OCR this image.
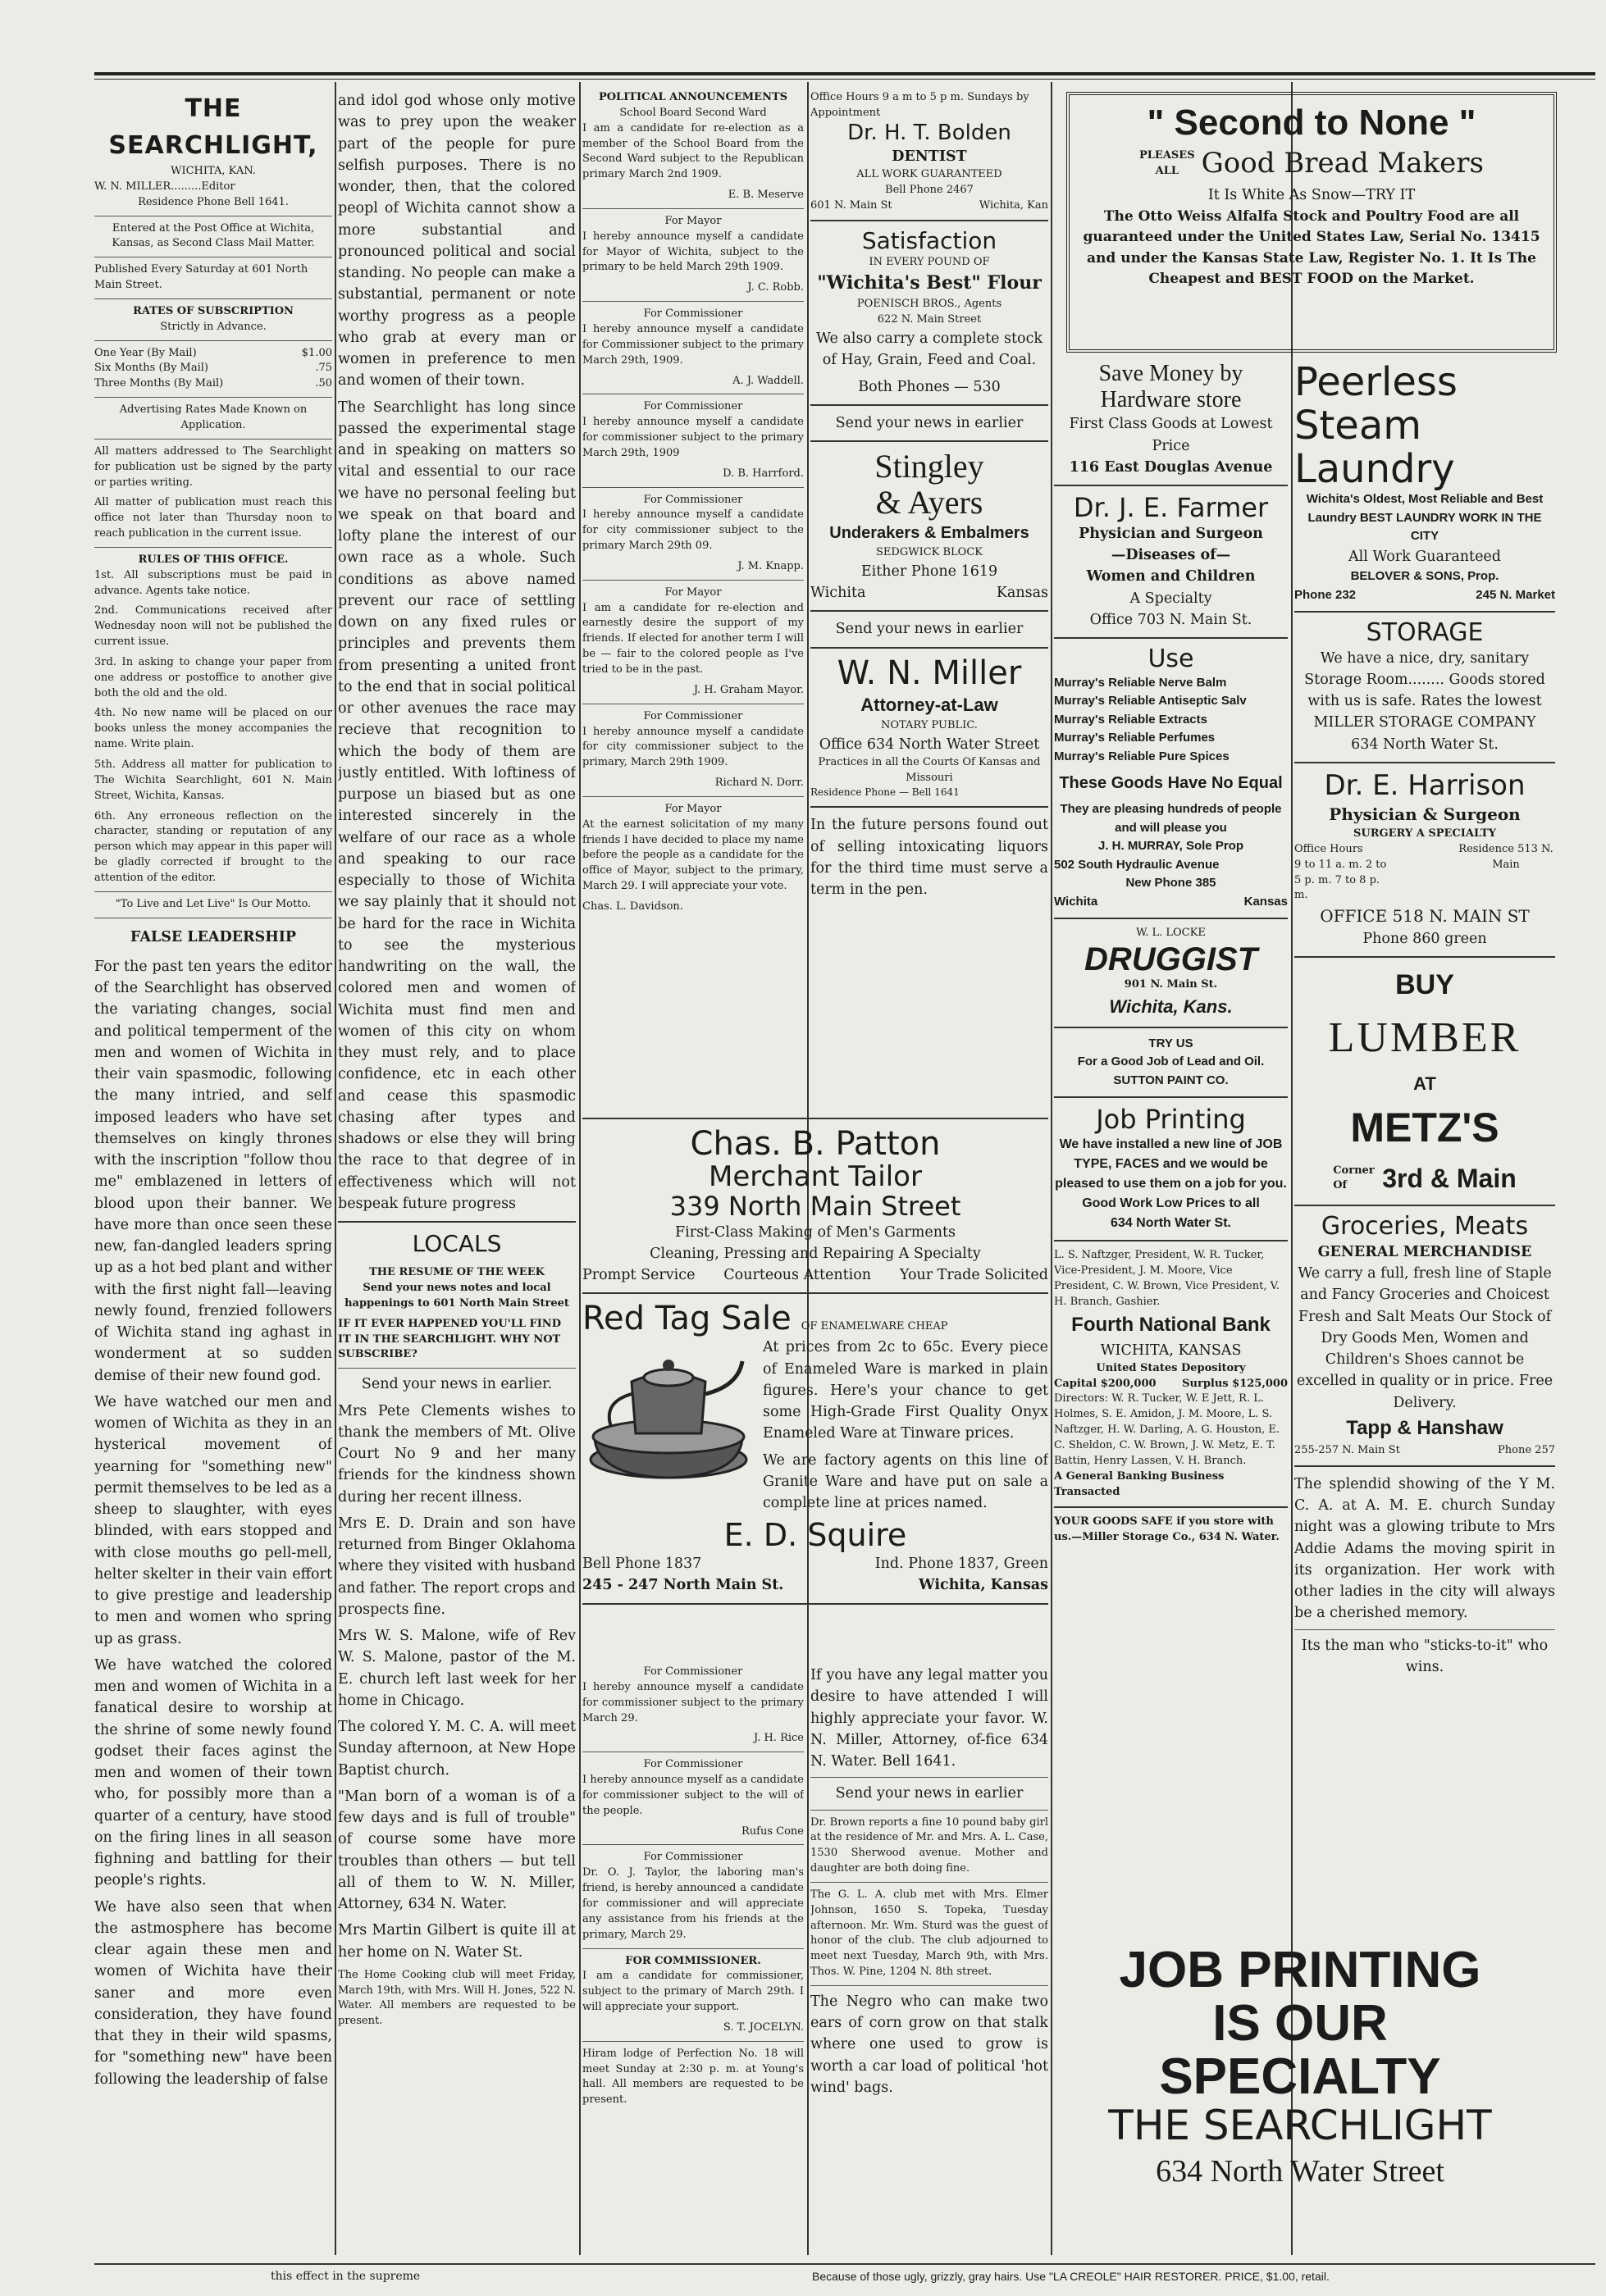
THE SEARCHLIGHT,
WICHITA, KAN.
W. N. MILLER.........Editor
Residence Phone Bell 1641.
Entered at the Post Office at Wichita, Kansas, as Second Class Mail Matter.
Published Every Saturday at 601 North Main Street.
RATES OF SUBSCRIPTION
Strictly in Advance.
One Year (By Mail)	$1.00
Six Months (By Mail)	.75
Three Months (By Mail)	.50
Advertising Rates Made Known on Application.

All matters addressed to The Searchlight for publication ust be signed by the party or parties writing.

All matter of publication must reach this office not later than Thursday noon to reach publication in the current issue.

RULES OF THIS OFFICE.

1st. All subscriptions must be paid in advance. Agents take notice.

2nd. Communications received after Wednesday noon will not be published the current issue.

3rd. In asking to change your paper from one address or postoffice to another give both the old and the old.

4th. No new name will be placed on our books unless the money accompanies the name. Write plain.

5th. Address all matter for publication to The Wichita Searchlight, 601 N. Main Street, Wichita, Kansas.

6th. Any erroneous reflection on the character, standing or reputation of any person which may appear in this paper will be gladly corrected if brought to the attention of the editor.

"To Live and Let Live" Is Our Motto.
FALSE LEADERSHIP

For the past ten years the editor of the Searchlight has observed the variating changes, social and political temperment of the men and women of Wichita in their vain spasmodic, following the many intried, and self imposed leaders who have set themselves on kingly thrones with the inscription "follow thou me" emblazened in letters of blood upon their banner. We have more than once seen these new, fan-dangled leaders spring up as a hot bed plant and wither with the first night fall—leaving newly found, frenzied followers of Wichita stand ing aghast in wonderment at so sudden demise of their new found god.

We have watched our men and women of Wichita as they in an hysterical movement of yearning for "something new" permit themselves to be led as a sheep to slaughter, with eyes blinded, with ears stopped and with close mouths go pell-mell, helter skelter in their vain effort to give prestige and leadership to men and women who spring up as grass.

We have watched the colored men and women of Wichita in a fanatical desire to worship at the shrine of some newly found godset their faces aginst the men and women of their town who, for possibly more than a quarter of a century, have stood on the firing lines in all season fighning and battling for their people's rights.

We have also seen that when the astmosphere has become clear again these men and women of Wichita have their saner and more even consideration, they have found that they in their wild spasms, for "something new" have been following the leadership of false

and idol god whose only motive was to prey upon the weaker part of the people for pure selfish purposes. There is no wonder, then, that the colored peopl of Wichita cannot show a more substantial and pronounced political and social standing. No people can make a substantial, permanent or note worthy progress as a people who grab at every man or women in preference to men and women of their town.

The Searchlight has long since passed the experimental stage and in speaking on matters so vital and essential to our race we have no personal feeling but we speak on that board and lofty plane the interest of our own race as a whole. Such conditions as above named prevent our race of settling down on any fixed rules or principles and prevents them from presenting a united front to the end that in social political or other avenues the race may recieve that recognition to which the body of them are justly entitled. With loftiness of purpose un biased but as one interested sincerely in the welfare of our race as a whole and speaking to our race especially to those of Wichita we say plainly that it should not be hard for the race in Wichita to see the mysterious handwriting on the wall, the colored men and women of Wichita must find men and women of this city on whom they must rely, and to place confidence, etc in each other and cease this spasmodic chasing after types and shadows or else they will bring the race to that degree of in effectiveness which will not bespeak future progress

LOCALS
THE RESUME OF THE WEEK
Send your news notes and local happenings to 601 North Main Street
IF IT EVER HAPPENED YOU'LL FIND IT IN THE SEARCHLIGHT. WHY NOT SUBSCRIBE?

Send your news in earlier.

Mrs Pete Clements wishes to thank the members of Mt. Olive Court No 9 and her many friends for the kindness shown during her recent illness.

Mrs E. D. Drain and son have returned from Binger Oklahoma where they visited with husband and father. The report crops and prospects fine.

Mrs W. S. Malone, wife of Rev W. S. Malone, pastor of the M. E. church left last week for her home in Chicago.

The colored Y. M. C. A. will meet Sunday afternoon, at New Hope Baptist church.

"Man born of a woman is of a few days and is full of trouble" of course some have more troubles than others — but tell all of them to W. N. Miller, Attorney, 634 N. Water.

Mrs Martin Gilbert is quite ill at her home on N. Water St.

The Home Cooking club will meet Friday, March 19th, with Mrs. Will H. Jones, 522 N. Water. All members are requested to be present.

POLITICAL ANNOUNCEMENTS
School Board Second Ward

I am a candidate for re-election as a member of the School Board from the Second Ward subject to the Republican primary March 2nd 1909.

E. B. Meserve
For Mayor

I hereby announce myself a candidate for Mayor of Wichita, subject to the primary to be held March 29th 1909.

J. C. Robb.
For Commissioner

I hereby announce myself a candidate for Commissioner subject to the primary March 29th, 1909.

A. J. Waddell.
For Commissioner

I hereby announce myself a candidate for commissioner subject to the primary March 29th, 1909

D. B. Harrford.
For Commissioner

I hereby announce myself a candidate for city commissioner subject to the primary March 29th 09.

J. M. Knapp.
For Mayor

I am a candidate for re-election and earnestly desire the support of my friends. If elected for another term I will be — fair to the colored people as I've tried to be in the past.

J. H. Graham Mayor.
For Commissioner

I hereby announce myself a candidate for city commissioner subject to the primary, March 29th 1909.

Richard N. Dorr.
For Mayor

At the earnest solicitation of my many friends I have decided to place my name before the people as a candidate for the office of Mayor, subject to the primary, March 29. I will appreciate your vote.

Chas. L. Davidson.
For Commissioner

I hereby announce myself a candidate for commissioner subject to the primary March 29.

J. H. Rice
For Commissioner

I hereby announce myself as a candidate for commissioner subject to the will of the people.

Rufus Cone
For Commissioner

Dr. O. J. Taylor, the laboring man's friend, is hereby announced a candidate for commissioner and will appreciate any assistance from his friends at the primary, March 29.

FOR COMMISSIONER.

I am a candidate for commissioner, subject to the primary of March 29th. I will appreciate your support.

S. T. JOCELYN.

Hiram lodge of Perfection No. 18 will meet Sunday at 2:30 p. m. at Young's hall. All members are requested to be present.

Office Hours 9 a m to 5 p m. Sundays by Appointment
Dr. H. T. Bolden
DENTIST
ALL WORK GUARANTEED
Bell Phone 2467
601 N. Main St	Wichita, Kan
Satisfaction
IN EVERY POUND OF
"Wichita's Best" Flour
POENISCH BROS., Agents
622 N. Main Street

We also carry a complete stock of Hay, Grain, Feed and Coal.

Both Phones — 530
Send your news in earlier
Stingley
& Ayers
Underakers & Embalmers
SEDGWICK BLOCK
Either Phone 1619
Wichita	Kansas
Send your news in earlier
W. N. Miller
Attorney-at-Law
NOTARY PUBLIC.
Office 634 North Water Street
Practices in all the Courts Of Kansas and Missouri
Residence Phone — Bell 1641

In the future persons found out of selling intoxicating liquors for the third time must serve a term in the pen.

Chas. B. Patton
Merchant Tailor
339 North Main Street
First-Class Making of Men's Garments
Cleaning, Pressing and Repairing A Specialty
Prompt Service Courteous Attention Your Trade Solicited
Red Tag Sale OF ENAMELWARE CHEAP

At prices from 2c to 65c. Every piece of Enameled Ware is marked in plain figures. Here's your chance to get some High-Grade First Quality Onyx Enameled Ware at Tinware prices.

We are factory agents on this line of Granite Ware and have put on sale a complete line at prices named.

E. D. Squire
Bell Phone 1837	Ind. Phone 1837, Green
245 - 247 North Main St.	Wichita, Kansas

If you have any legal matter you desire to have attended I will highly appreciate your favor. W. N. Miller, Attorney, of-fice 634 N. Water. Bell 1641.

Send your news in earlier

Dr. Brown reports a fine 10 pound baby girl at the residence of Mr. and Mrs. A. L. Case, 1530 Sherwood avenue. Mother and daughter are both doing fine.

The G. L. A. club met with Mrs. Elmer Johnson, 1650 S. Topeka, Tuesday afternoon. Mr. Wm. Sturd was the guest of honor of the club. The club adjourned to meet next Tuesday, March 9th, with Mrs. Thos. W. Pine, 1204 N. 8th street.

The Negro who can make two ears of corn grow on that stalk where one used to grow is worth a car load of political 'hot wind' bags.

" Second to None "
PLEASES
ALL Good Bread Makers
It Is White As Snow—TRY IT
The Otto Weiss Alfalfa Stock and Poultry Food are all guaranteed under the United States Law, Serial No. 13415 and under the Kansas State Law, Register No. 1. It Is The Cheapest and BEST FOOD on the Market.
Save Money by
Hardware store
First Class Goods at Lowest Price
116 East Douglas Avenue
Dr. J. E. Farmer
Physician and Surgeon
—Diseases of—
Women and Children
A Specialty
Office 703 N. Main St.
Use
Murray's Reliable Nerve Balm
Murray's Reliable Antiseptic Salv
Murray's Reliable Extracts
Murray's Reliable Perfumes
Murray's Reliable Pure Spices
These Goods Have No Equal
They are pleasing hundreds of people and will please you
J. H. MURRAY, Sole Prop
502 South Hydraulic Avenue
New Phone 385
Wichita	Kansas
W. L. LOCKE
DRUGGIST
901 N. Main St.
Wichita, Kans.
TRY US
For a Good Job of Lead and Oil.
SUTTON PAINT CO.
Job Printing
We have installed a new line of JOB TYPE, FACES and we would be pleased to use them on a job for you.
Good Work Low Prices to all
634 North Water St.
L. S. Naftzger, President, W. R. Tucker, Vice-President, J. M. Moore, Vice President, C. W. Brown, Vice President, V. H. Branch, Gashier.
Fourth National Bank
WICHITA, KANSAS
United States Depository
Capital $200,000 Surplus $125,000
Directors: W. R. Tucker, W. E Jett, R. L. Holmes, S. E. Amidon, J. M. Moore, L. S. Naftzger, H. W. Darling, A. G. Houston, E. C. Sheldon, C. W. Brown, J. W. Metz, E. T. Battin, Henry Lassen, V. H. Branch.
A General Banking Business Transacted
YOUR GOODS SAFE if you store with us.—Miller Storage Co., 634 N. Water.
Peerless
Steam
Laundry
Wichita's Oldest, Most Reliable and Best Laundry BEST LAUNDRY WORK IN THE CITY
All Work Guaranteed
BELOVER & SONS, Prop.
Phone 232	245 N. Market
STORAGE
We have a nice, dry, sanitary Storage Room........ Goods stored with us is safe. Rates the lowest
MILLER STORAGE COMPANY
634 North Water St.
Dr. E. Harrison
Physician & Surgeon
SURGERY A SPECIALTY
Office Hours
9 to 11 a. m. 2 to 5 p. m. 7 to 8 p. m.
Residence 513 N. Main
OFFICE 518 N. MAIN ST
Phone 860 green
BUY
LUMBER
AT
METZ'S
Corner Of	3rd & Main
Groceries, Meats
GENERAL MERCHANDISE
We carry a full, fresh line of Staple and Fancy Groceries and Choicest Fresh and Salt Meats Our Stock of Dry Goods Men, Women and Children's Shoes cannot be excelled in quality or in price. Free Delivery.
Tapp & Hanshaw
255-257 N. Main St	Phone 257

The splendid showing of the Y M. C. A. at A. M. E. church Sunday night was a glowing tribute to Mrs Addie Adams the moving spirit in its organization. Her work with other ladies in the city will always be a cherished memory.

Its the man who "sticks-to-it" who wins.
JOB PRINTING
IS OUR SPECIALTY
THE SEARCHLIGHT
634 North Water Street
this effect in the supreme	Because of those ugly, grizzly, gray hairs. Use "LA CREOLE" HAIR RESTORER. PRICE, $1.00, retail.
